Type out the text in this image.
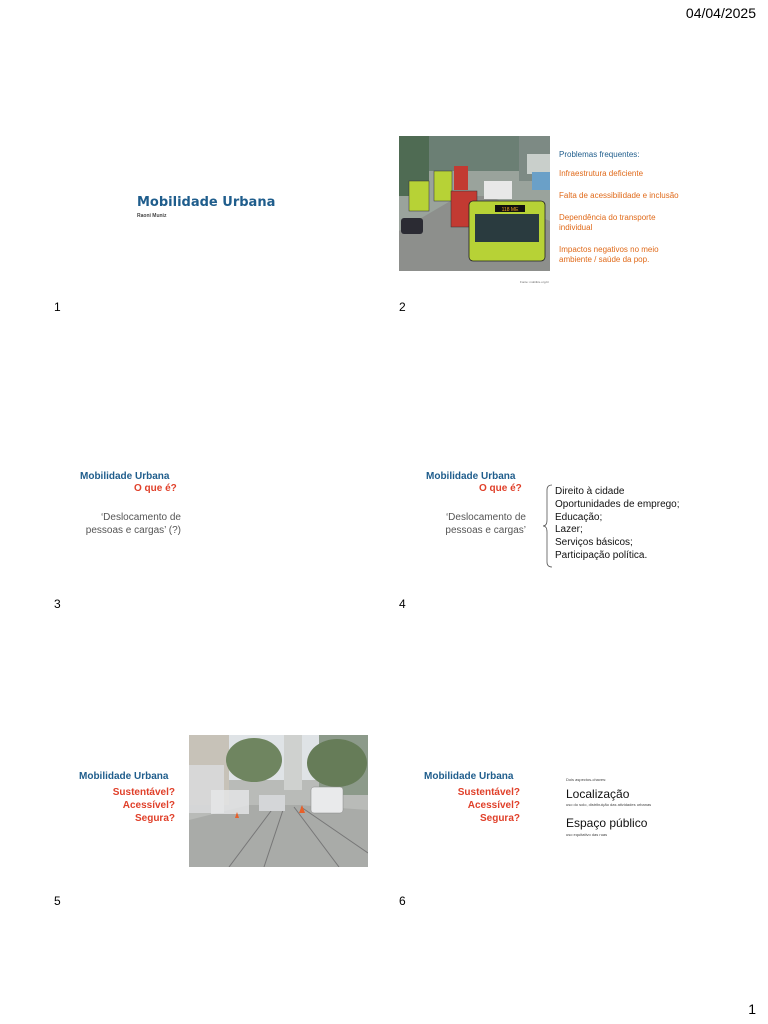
04/04/2025
1
Mobilidade Urbana
Raoni Muniz
1
118 ME
Fonte: mobilize.org.br
Problemas frequentes:
Infraestrutura deficiente
Falta de acessibilidade e inclusão
Dependência do transporte individual
Impactos negativos no meio ambiente / saúde da pop.
2
Mobilidade Urbana
O que é?
‘Deslocamento de
pessoas e cargas’ (?)
3
Mobilidade Urbana
O que é?
‘Deslocamento de
pessoas e cargas’
Direito à cidade
Oportunidades de emprego;
Educação;
Lazer;
Serviços básicos;
Participação política.
4
Mobilidade Urbana
Sustentável?
Acessível?
Segura?
5
Mobilidade Urbana
Sustentável?
Acessível?
Segura?
Dois aspectos-chaves:
Localização
uso do solo, distribuição das atividades urbanas
Espaço público
uso equitativo das ruas
6
